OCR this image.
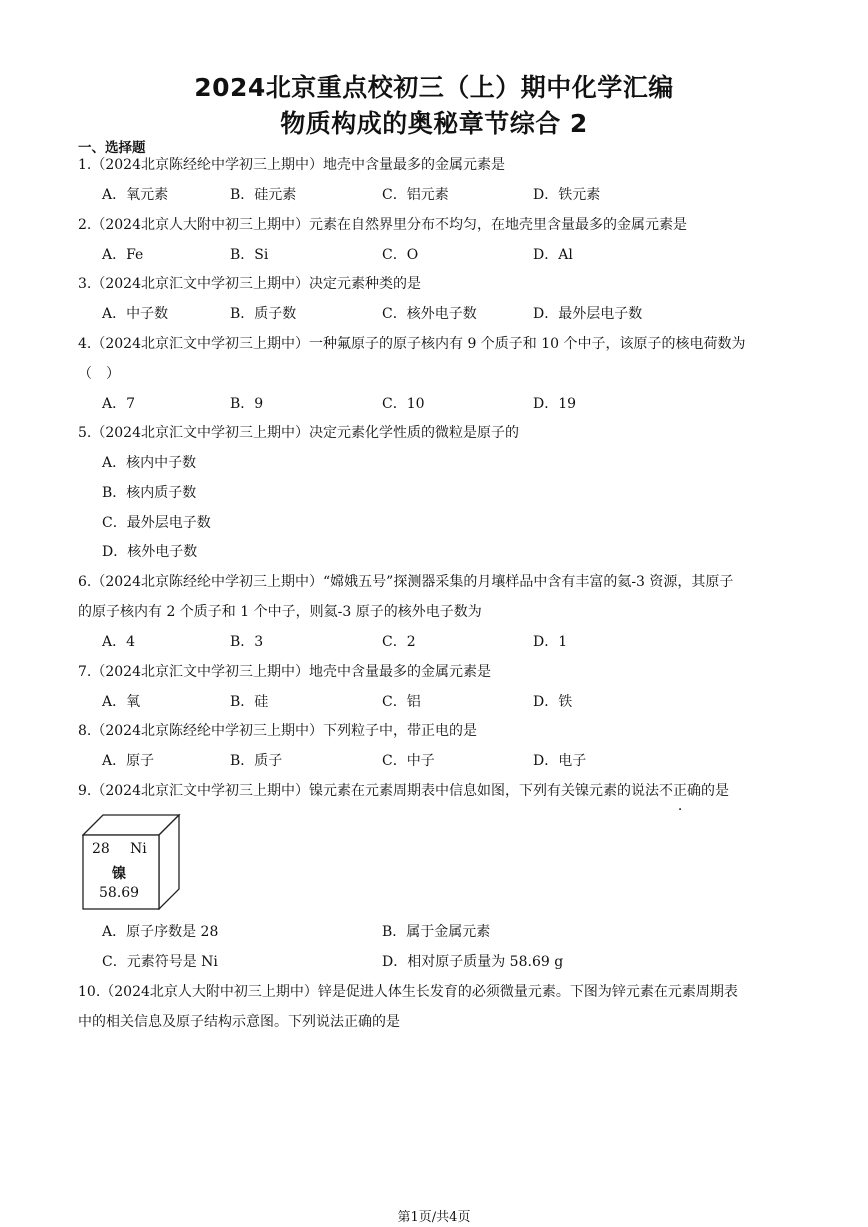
2024北京重点校初三（上）期中化学汇编
物质构成的奥秘章节综合 2
一、选择题
1.（2024北京陈经纶中学初三上期中）地壳中含量最多的金属元素是
A．氧元素	B．硅元素	C．铝元素	D．铁元素
2.（2024北京人大附中初三上期中）元素在自然界里分布不均匀，在地壳里含量最多的金属元素是
A．Fe	B．Si	C．O	D．Al
3.（2024北京汇文中学初三上期中）决定元素种类的是
A．中子数	B．质子数	C．核外电子数	D．最外层电子数
4.（2024北京汇文中学初三上期中）一种氟原子的原子核内有 9 个质子和 10 个中子，该原子的核电荷数为
（　）
A．7	B．9	C．10	D．19
5.（2024北京汇文中学初三上期中）决定元素化学性质的微粒是原子的
A．核内中子数
B．核内质子数
C．最外层电子数
D．核外电子数
6.（2024北京陈经纶中学初三上期中）“嫦娥五号”探测器采集的月壤样品中含有丰富的氦-3 资源，其原子
的原子核内有 2 个质子和 1 个中子，则氦-3 原子的核外电子数为
A．4	B．3	C．2	D．1
7.（2024北京汇文中学初三上期中）地壳中含量最多的金属元素是
A．氧	B．硅	C．铝	D．铁
8.（2024北京陈经纶中学初三上期中）下列粒子中，带正电的是
A．原子	B．质子	C．中子	D．电子
9.（2024北京汇文中学初三上期中）镍元素在元素周期表中信息如图，下列有关镍元素的说法不正确的是
28 Ni
镍
58.69
A．原子序数是 28	B．属于金属元素
C．元素符号是 Ni	D．相对原子质量为 58.69 g
10.（2024北京人大附中初三上期中）锌是促进人体生长发育的必须微量元素。下图为锌元素在元素周期表
中的相关信息及原子结构示意图。下列说法正确的是
第1页/共4页
